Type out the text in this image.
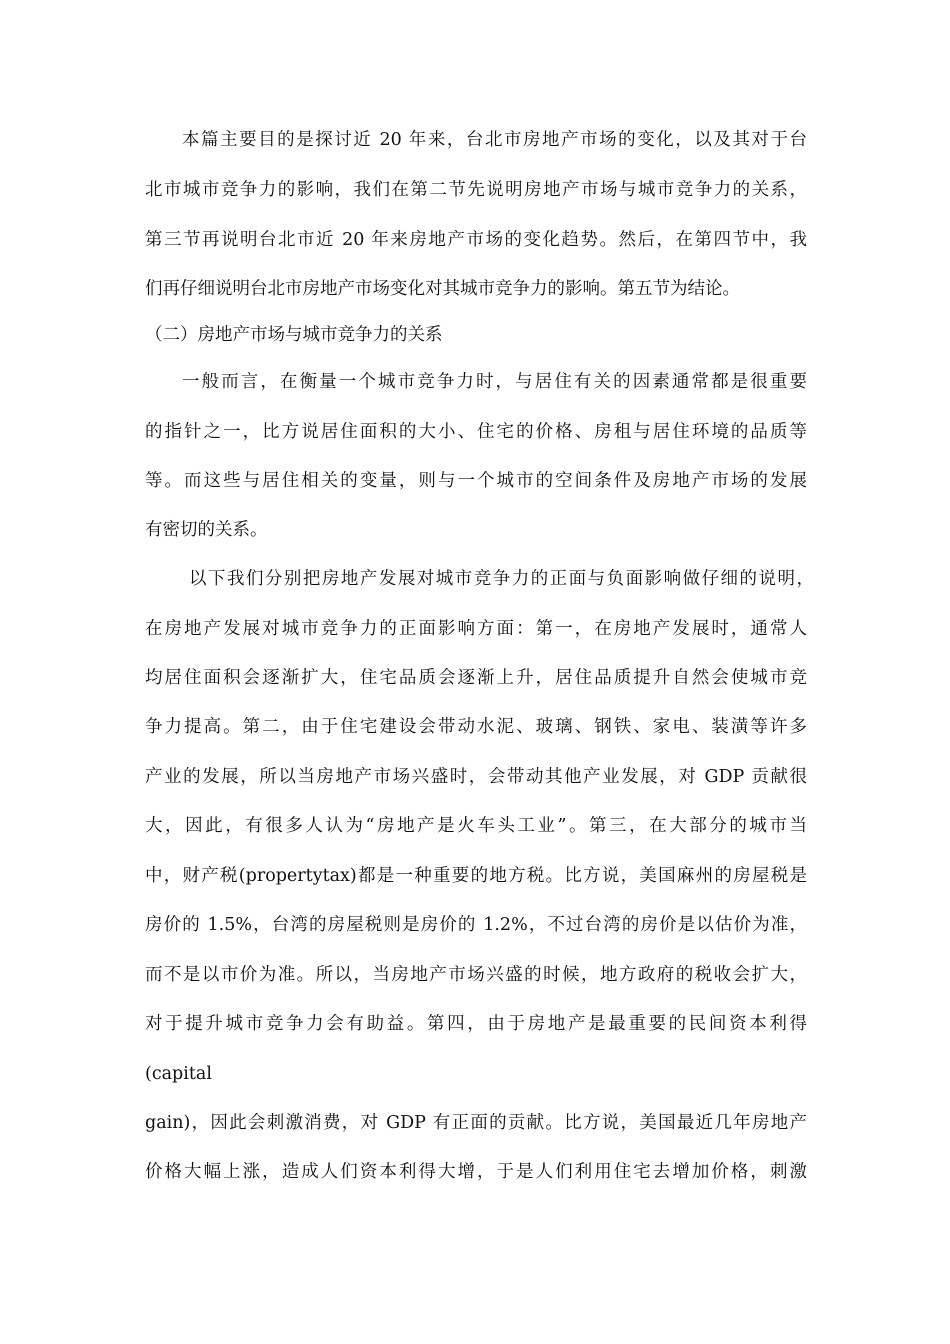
本篇主要目的是探讨近 20 年来，台北市房地产市场的变化，以及其对于台
北市城市竞争力的影响，我们在第二节先说明房地产市场与城市竞争力的关系，
第三节再说明台北市近 20 年来房地产市场的变化趋势。然后，在第四节中，我
们再仔细说明台北市房地产市场变化对其城市竞争力的影响。第五节为结论。
（二）房地产市场与城市竞争力的关系
一般而言，在衡量一个城市竞争力时，与居住有关的因素通常都是很重要
的指针之一，比方说居住面积的大小、住宅的价格、房租与居住环境的品质等
等。而这些与居住相关的变量，则与一个城市的空间条件及房地产市场的发展
有密切的关系。
以下我们分别把房地产发展对城市竞争力的正面与负面影响做仔细的说明，
在房地产发展对城市竞争力的正面影响方面：第一，在房地产发展时，通常人
均居住面积会逐渐扩大，住宅品质会逐渐上升，居住品质提升自然会使城市竞
争力提高。第二，由于住宅建设会带动水泥、玻璃、钢铁、家电、装潢等许多
产业的发展，所以当房地产市场兴盛时，会带动其他产业发展，对 GDP 贡献很
大，因此，有很多人认为“房地产是火车头工业”。第三，在大部分的城市当
中，财产税(propertytax)都是一种重要的地方税。比方说，美国麻州的房屋税是
房价的 1.5%，台湾的房屋税则是房价的 1.2%，不过台湾的房价是以估价为准，
而不是以市价为准。所以，当房地产市场兴盛的时候，地方政府的税收会扩大，
对于提升城市竞争力会有助益。第四，由于房地产是最重要的民间资本利得
(capital
gain)，因此会刺激消费，对 GDP 有正面的贡献。比方说，美国最近几年房地产
价格大幅上涨，造成人们资本利得大增，于是人们利用住宅去增加价格，刺激
